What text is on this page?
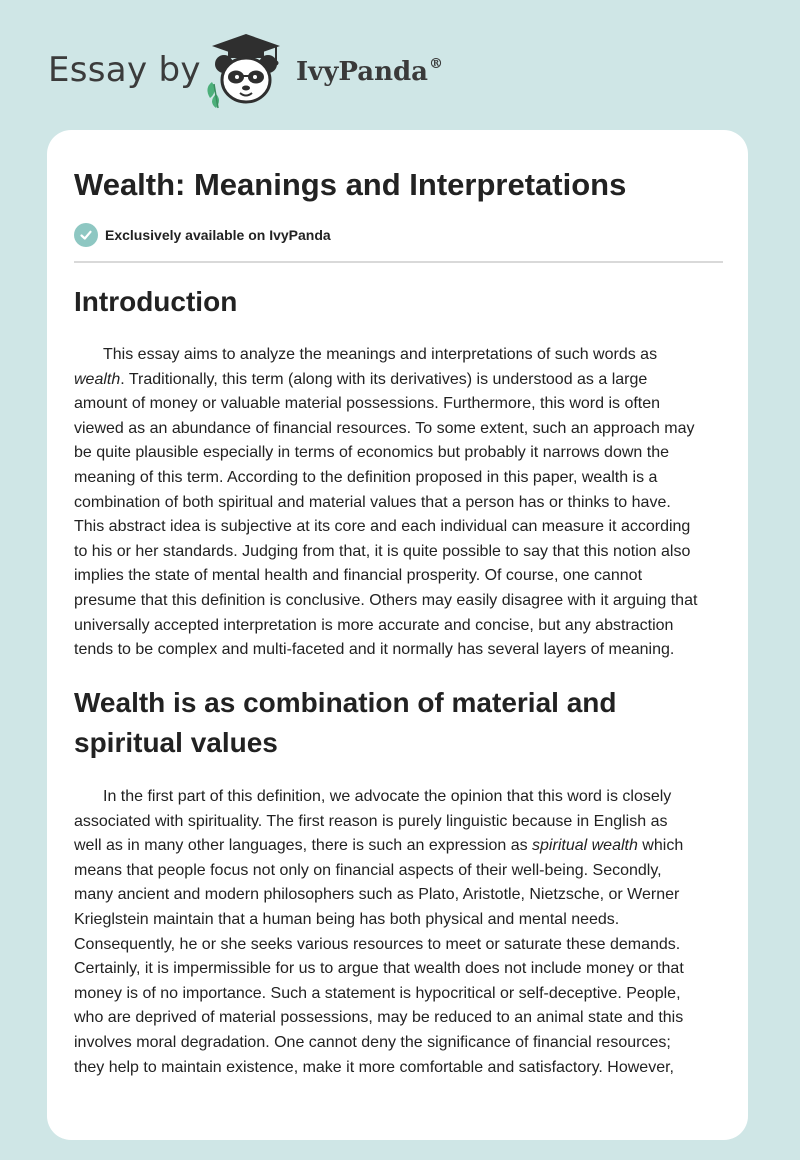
Essay by	IvyPanda®
Wealth: Meanings and Interpretations
Exclusively available on IvyPanda
Introduction
This essay aims to analyze the meanings and interpretations of such words as
wealth. Traditionally, this term (along with its derivatives) is understood as a large
amount of money or valuable material possessions. Furthermore, this word is often
viewed as an abundance of financial resources. To some extent, such an approach may
be quite plausible especially in terms of economics but probably it narrows down the
meaning of this term. According to the definition proposed in this paper, wealth is a
combination of both spiritual and material values that a person has or thinks to have.
This abstract idea is subjective at its core and each individual can measure it according
to his or her standards. Judging from that, it is quite possible to say that this notion also
implies the state of mental health and financial prosperity. Of course, one cannot
presume that this definition is conclusive. Others may easily disagree with it arguing that
universally accepted interpretation is more accurate and concise, but any abstraction
tends to be complex and multi-faceted and it normally has several layers of meaning.
Wealth is as combination of material and
spiritual values
In the first part of this definition, we advocate the opinion that this word is closely
associated with spirituality. The first reason is purely linguistic because in English as
well as in many other languages, there is such an expression as spiritual wealth which
means that people focus not only on financial aspects of their well-being. Secondly,
many ancient and modern philosophers such as Plato, Aristotle, Nietzsche, or Werner
Krieglstein maintain that a human being has both physical and mental needs.
Consequently, he or she seeks various resources to meet or saturate these demands.
Certainly, it is impermissible for us to argue that wealth does not include money or that
money is of no importance. Such a statement is hypocritical or self-deceptive. People,
who are deprived of material possessions, may be reduced to an animal state and this
involves moral degradation. One cannot deny the significance of financial resources;
they help to maintain existence, make it more comfortable and satisfactory. However,
